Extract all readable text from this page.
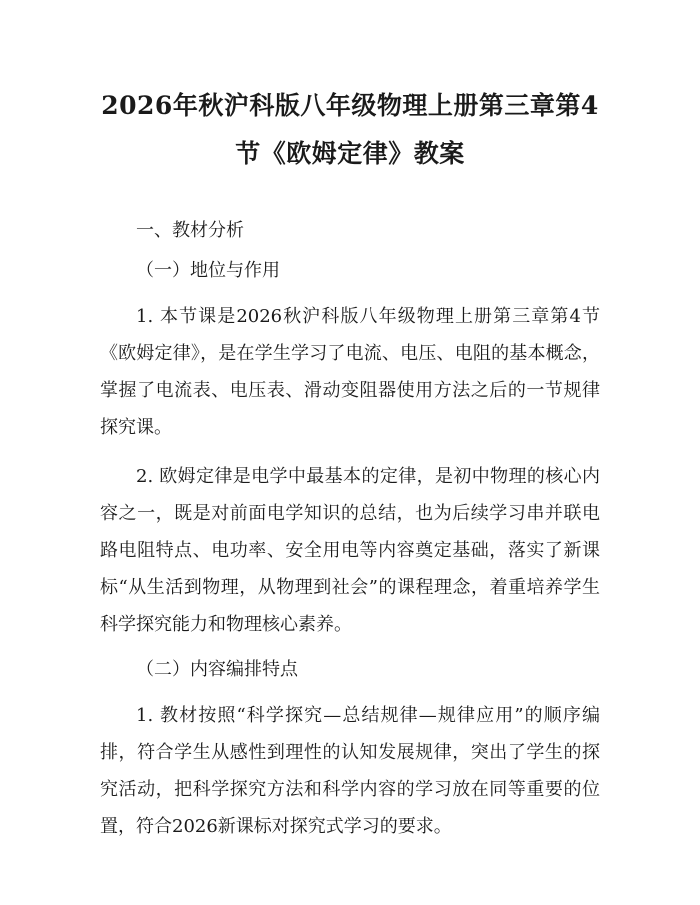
2026年秋沪科版八年级物理上册第三章第4
节《欧姆定律》教案

一、教材分析

（一）地位与作用

1. 本节课是2026秋沪科版八年级物理上册第三章第4节《欧姆定律》，是在学生学习了电流、电压、电阻的基本概念，掌握了电流表、电压表、滑动变阻器使用方法之后的一节规律探究课。

2. 欧姆定律是电学中最基本的定律，是初中物理的核心内容之一，既是对前面电学知识的总结，也为后续学习串并联电路电阻特点、电功率、安全用电等内容奠定基础，落实了新课标“从生活到物理，从物理到社会”的课程理念，着重培养学生科学探究能力和物理核心素养。

（二）内容编排特点

1. 教材按照“科学探究—总结规律—规律应用”的顺序编排，符合学生从感性到理性的认知发展规律，突出了学生的探究活动，把科学探究方法和科学内容的学习放在同等重要的位置，符合2026新课标对探究式学习的要求。
